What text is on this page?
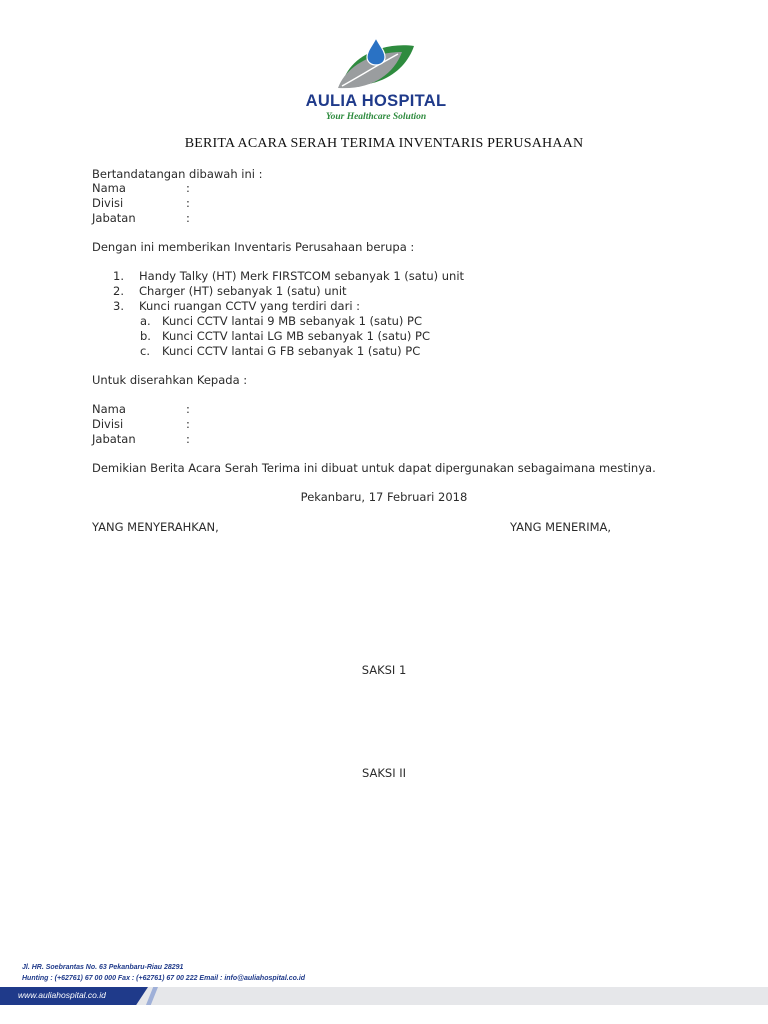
AULIA HOSPITAL
Your Healthcare Solution
BERITA ACARA SERAH TERIMA INVENTARIS PERUSAHAAN
Bertandatangan dibawah ini :
Nama	:
Divisi	:
Jabatan	:
Dengan ini memberikan Inventaris Perusahaan berupa :
1. Handy Talky (HT) Merk FIRSTCOM sebanyak 1 (satu) unit
2. Charger (HT) sebanyak 1 (satu) unit
3. Kunci ruangan CCTV yang terdiri dari :
a. Kunci CCTV lantai 9 MB sebanyak 1 (satu) PC
b. Kunci CCTV lantai LG MB sebanyak 1 (satu) PC
c. Kunci CCTV lantai G FB sebanyak 1 (satu) PC
Untuk diserahkan Kepada :
Nama	:
Divisi	:
Jabatan	:
Demikian Berita Acara Serah Terima ini dibuat untuk dapat dipergunakan sebagaimana mestinya.
Pekanbaru, 17 Februari 2018
YANG MENYERAHKAN,	YANG MENERIMA,
SAKSI 1
SAKSI II
Jl. HR. Soebrantas No. 63 Pekanbaru-Riau 28291
Hunting : (+62761) 67 00 000 Fax : (+62761) 67 00 222 Email : info@auliahospital.co.id
www.auliahospital.co.id
